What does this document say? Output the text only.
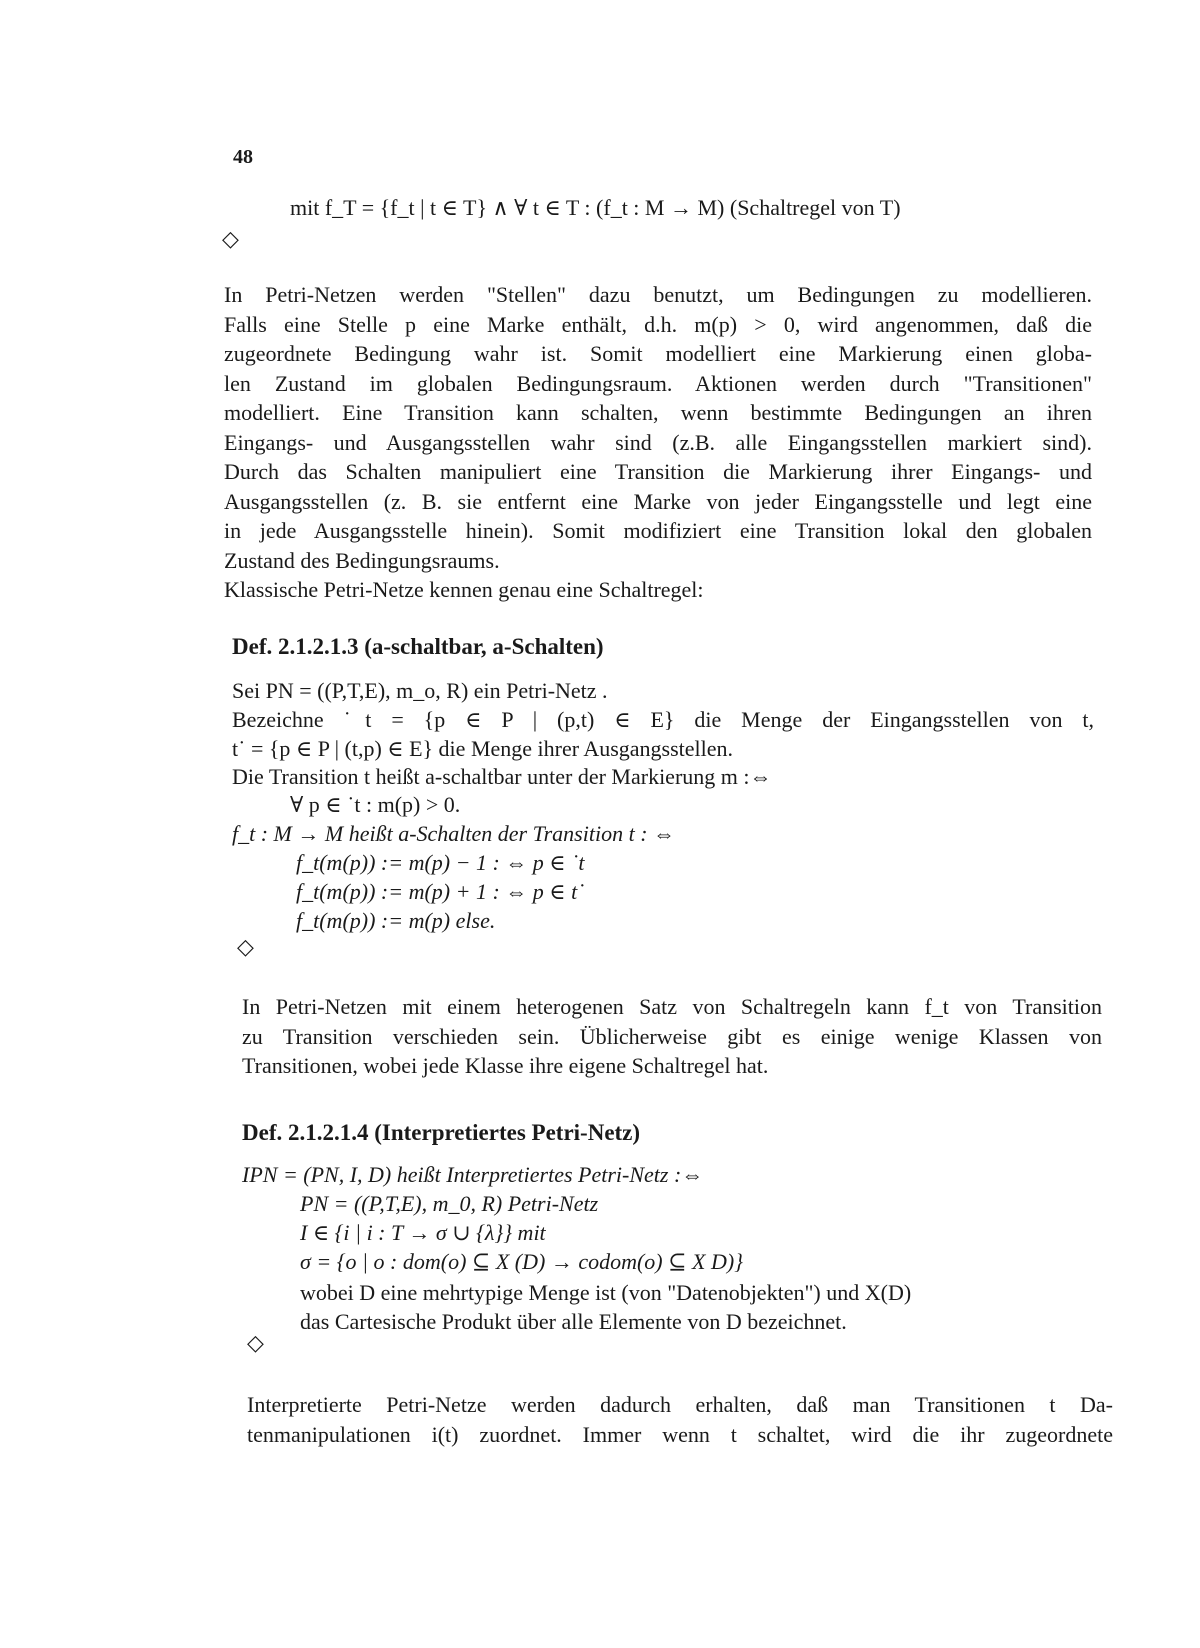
48
mit f_T = {f_t | t ∈ T} ∧ ∀ t ∈ T : (f_t : M → M) (Schaltregel von T)
◇
In Petri-Netzen werden "Stellen" dazu benutzt, um Bedingungen zu modellieren.
Falls eine Stelle p eine Marke enthält, d.h. m(p) > 0, wird angenommen, daß die
zugeordnete Bedingung wahr ist. Somit modelliert eine Markierung einen globa-
len Zustand im globalen Bedingungsraum. Aktionen werden durch "Transitionen"
modelliert. Eine Transition kann schalten, wenn bestimmte Bedingungen an ihren
Eingangs- und Ausgangsstellen wahr sind (z.B. alle Eingangsstellen markiert sind).
Durch das Schalten manipuliert eine Transition die Markierung ihrer Eingangs- und
Ausgangsstellen (z. B. sie entfernt eine Marke von jeder Eingangsstelle und legt eine
in jede Ausgangsstelle hinein). Somit modifiziert eine Transition lokal den globalen
Zustand des Bedingungsraums.
Klassische Petri-Netze kennen genau eine Schaltregel:
Def. 2.1.2.1.3 (a-schaltbar, a-Schalten)
Sei PN = ((P,T,E), m_o, R) ein Petri-Netz .
Bezeichne ˙t = {p ∈ P | (p,t) ∈ E} die Menge der Eingangsstellen von t,
t˙ = {p ∈ P | (t,p) ∈ E} die Menge ihrer Ausgangsstellen.
Die Transition t heißt a-schaltbar unter der Markierung m :⇔
∀ p ∈ ˙t : m(p) > 0.
f_t : M → M heißt a-Schalten der Transition t : ⇔
f_t(m(p)) := m(p) − 1 : ⇔ p ∈ ˙t
f_t(m(p)) := m(p) + 1 : ⇔ p ∈ t˙
f_t(m(p)) := m(p) else.
◇
In Petri-Netzen mit einem heterogenen Satz von Schaltregeln kann f_t von Transition
zu Transition verschieden sein. Üblicherweise gibt es einige wenige Klassen von
Transitionen, wobei jede Klasse ihre eigene Schaltregel hat.
Def. 2.1.2.1.4 (Interpretiertes Petri-Netz)
IPN = (PN, I, D) heißt Interpretiertes Petri-Netz :⇔
PN = ((P,T,E), m_0, R) Petri-Netz
I ∈ {i | i : T → σ ∪ {λ}} mit
σ = {o | o : dom(o) ⊆ X (D) → codom(o) ⊆ X D)}
wobei D eine mehrtypige Menge ist (von "Datenobjekten") und X(D)
das Cartesische Produkt über alle Elemente von D bezeichnet.
◇
Interpretierte Petri-Netze werden dadurch erhalten, daß man Transitionen t Da-
tenmanipulationen i(t) zuordnet. Immer wenn t schaltet, wird die ihr zugeordnete
